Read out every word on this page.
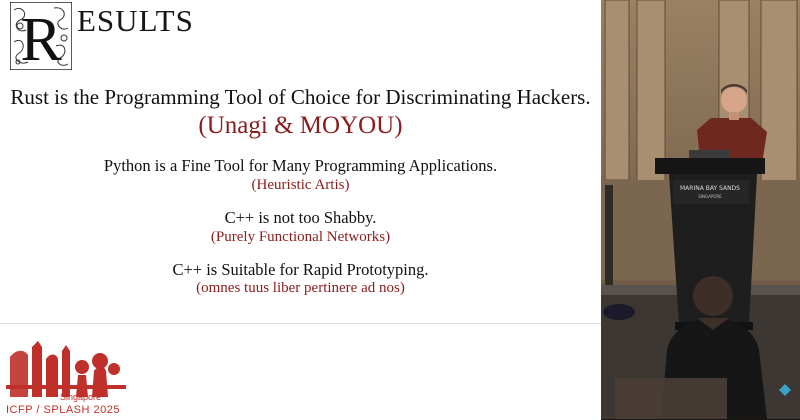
R ESULTS
Rust is the Programming Tool of Choice for Discriminating Hackers.
(Unagi & MOYOU)
Python is a Fine Tool for Many Programming Applications.
(Heuristic Artis)
C++ is not too Shabby.
(Purely Functional Networks)
C++ is Suitable for Rapid Prototyping.
(omnes tuus liber pertinere ad nos)
Singapore
ICFP / SPLASH 2025
MARINA BAY SANDS
SINGAPORE
